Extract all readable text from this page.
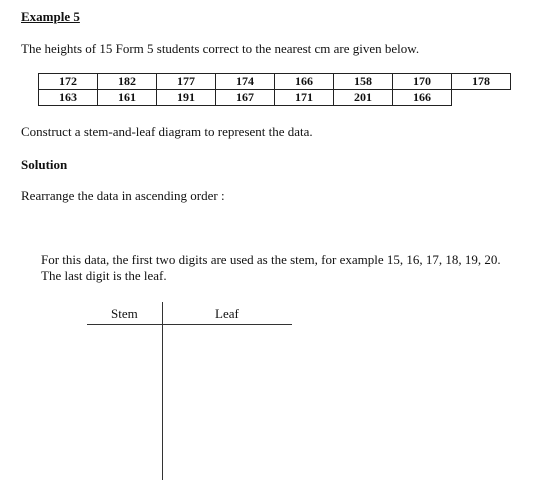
Example 5
The heights of 15 Form 5 students correct to the nearest cm are given below.
172	182	177	174	166	158	170	178
163	161	191	167	171	201	166	
Construct a stem-and-leaf diagram to represent the data.
Solution
Rearrange the data in ascending order :
For this data, the first two digits are used as the stem, for example 15, 16, 17, 18, 19, 20.
The last digit is the leaf.
Stem	Leaf
